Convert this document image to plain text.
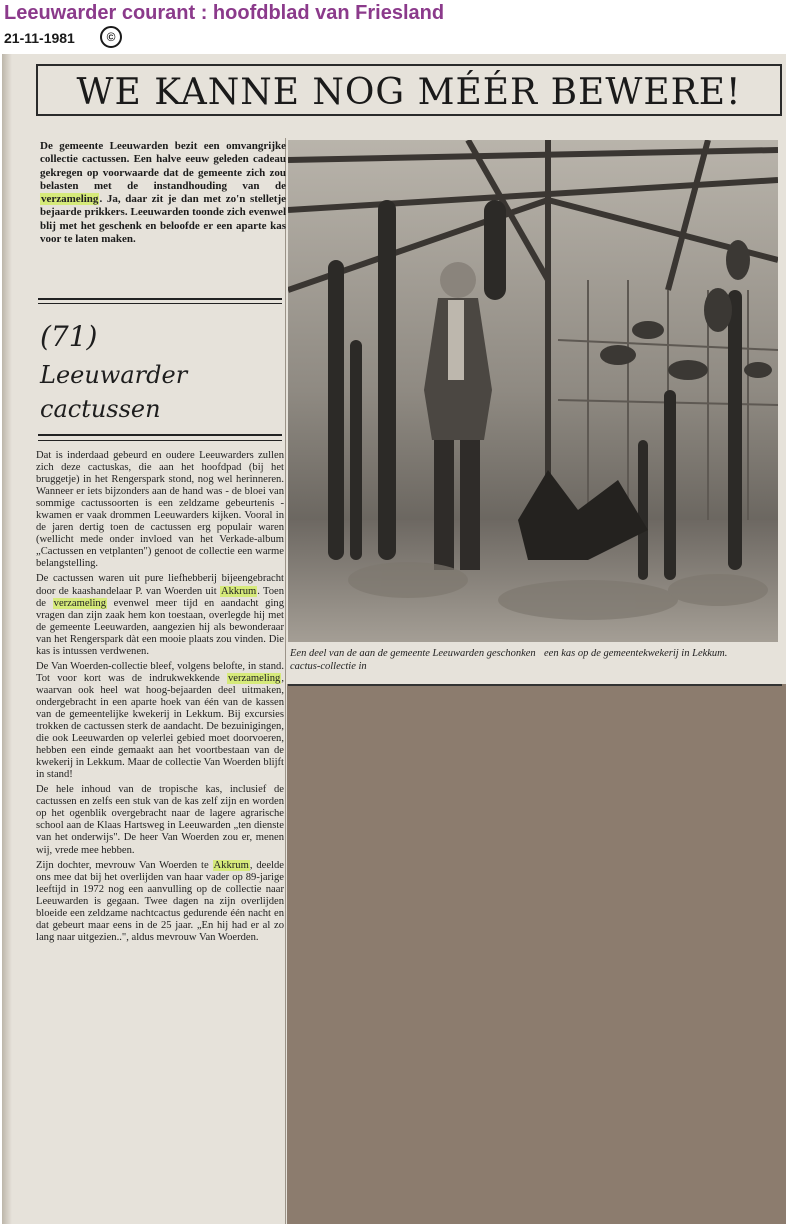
Leeuwarder courant : hoofdblad van Friesland
21-11-1981	©
WE KANNE NOG MÉÉR BEWERE!
De gemeente Leeuwarden bezit een omvangrijke collectie cactussen. Een halve eeuw geleden cadeau gekregen op voorwaarde dat de gemeente zich zou belasten met de instandhouding van de verzameling. Ja, daar zit je dan met zo'n stelletje bejaarde prikkers. Leeuwarden toonde zich evenwel blij met het geschenk en beloofde er een aparte kas voor te laten maken.
(71)
Leeuwarder cactussen

Dat is inderdaad gebeurd en oudere Leeuwarders zullen zich deze cactuskas, die aan het hoofdpad (bij het bruggetje) in het Rengerspark stond, nog wel herinneren. Wanneer er iets bijzonders aan de hand was - de bloei van sommige cactussoorten is een zeldzame gebeurtenis - kwamen er vaak drommen Leeuwarders kijken. Vooral in de jaren dertig toen de cactussen erg populair waren (wellicht mede onder invloed van het Verkade-album „Cactussen en vetplanten") genoot de collectie een warme belangstelling.

De cactussen waren uit pure liefhebberij bijeengebracht door de kaashandelaar P. van Woerden uit Akkrum. Toen de verzameling evenwel meer tijd en aandacht ging vragen dan zijn zaak hem kon toestaan, overlegde hij met de gemeente Leeuwarden, aangezien hij als bewonderaar van het Rengerspark dàt een mooie plaats zou vinden. Die kas is intussen verdwenen.

De Van Woerden-collectie bleef, volgens belofte, in stand. Tot voor kort was de indrukwekkende verzameling, waarvan ook heel wat hoog-bejaarden deel uitmaken, ondergebracht in een aparte hoek van één van de kassen van de gemeentelijke kwekerij in Lekkum. Bij excursies trokken de cactussen sterk de aandacht. De bezuinigingen, die ook Leeuwarden op velerlei gebied moet doorvoeren, hebben een einde gemaakt aan het voortbestaan van de kwekerij in Lekkum. Maar de collectie Van Woerden blijft in stand!

De hele inhoud van de tropische kas, inclusief de cactussen en zelfs een stuk van de kas zelf zijn en worden op het ogenblik overgebracht naar de lagere agrarische school aan de Klaas Hartsweg in Leeuwarden „ten dienste van het onderwijs". De heer Van Woerden zou er, menen wij, vrede mee hebben.

Zijn dochter, mevrouw Van Woerden te Akkrum, deelde ons mee dat bij het overlijden van haar vader op 89-jarige leeftijd in 1972 nog een aanvulling op de collectie naar Leeuwarden is gegaan. Twee dagen na zijn overlijden bloeide een zeldzame nachtcactus gedurende één nacht en dat gebeurt maar eens in de 25 jaar. „En hij had er al zo lang naar uitgezien..", aldus mevrouw Van Woerden.

Een deel van de aan de gemeente Leeuwarden geschonken cactus-collectie in
een kas op de gemeentekwekerij in Lekkum.
